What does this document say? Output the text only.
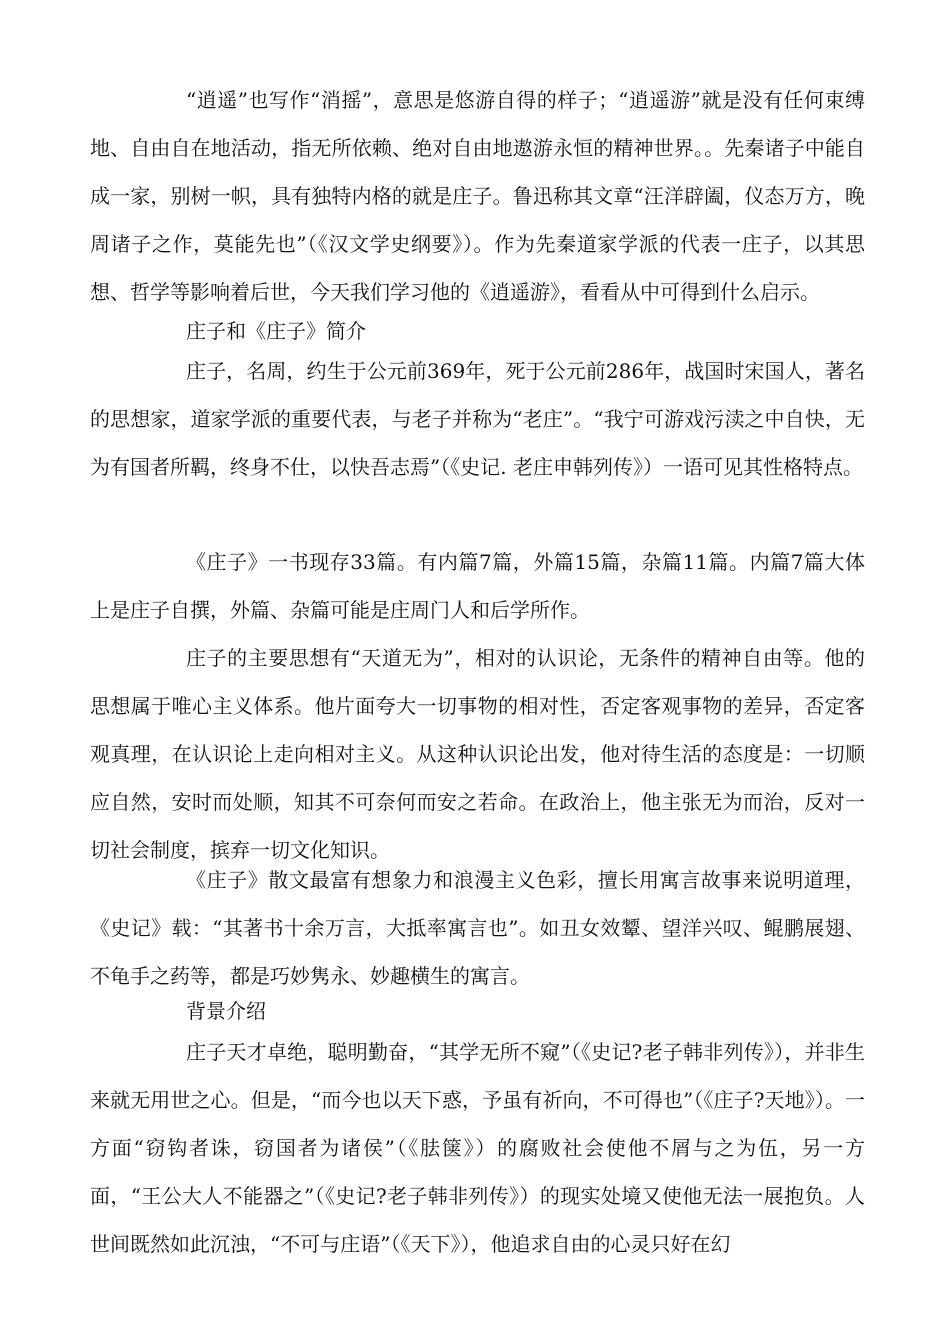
“逍遥”也写作“消摇”，意思是悠游自得的样子；“逍遥游”就是没有任何束缚地、自由自在地活动，指无所依赖、绝对自由地遨游永恒的精神世界。。先秦诸子中能自成一家，别树一帜，具有独特内格的就是庄子。鲁迅称其文章“汪洋辟阖，仪态万方，晚周诸子之作，莫能先也”（《汉文学史纲要》）。作为先秦道家学派的代表一庄子，以其思想、哲学等影响着后世，今天我们学习他的《逍遥游》，看看从中可得到什么启示。

庄子和《庄子》简介

庄子，名周，约生于公元前369年，死于公元前286年，战国时宋国人，著名的思想家，道家学派的重要代表，与老子并称为“老庄”。“我宁可游戏污渎之中自快，无为有国者所羁，终身不仕，以快吾志焉”（《史记. 老庄申韩列传》）一语可见其性格特点。

《庄子》一书现存33篇。有内篇7篇，外篇15篇，杂篇11篇。内篇7篇大体上是庄子自撰，外篇、杂篇可能是庄周门人和后学所作。

庄子的主要思想有“天道无为”，相对的认识论，无条件的精神自由等。他的思想属于唯心主义体系。他片面夸大一切事物的相对性，否定客观事物的差异，否定客观真理，在认识论上走向相对主义。从这种认识论出发，他对待生活的态度是：一切顺应自然，安时而处顺，知其不可奈何而安之若命。在政治上，他主张无为而治，反对一切社会制度，摈弃一切文化知识。

《庄子》散文最富有想象力和浪漫主义色彩，擅长用寓言故事来说明道理，《史记》载：“其著书十余万言，大抵率寓言也”。如丑女效颦、望洋兴叹、鲲鹏展翅、不龟手之药等，都是巧妙隽永、妙趣横生的寓言。

背景介绍

庄子天才卓绝，聪明勤奋，“其学无所不窥”（《史记?老子韩非列传》），并非生来就无用世之心。但是，“而今也以天下惑，予虽有祈向，不可得也”（《庄子?天地》）。一方面“窃钩者诛，窃国者为诸侯”（《胠箧》）的腐败社会使他不屑与之为伍，另一方面，“王公大人不能器之”（《史记?老子韩非列传》）的现实处境又使他无法一展抱负。人世间既然如此沉浊，“不可与庄语”（《天下》），他追求自由的心灵只好在幻
